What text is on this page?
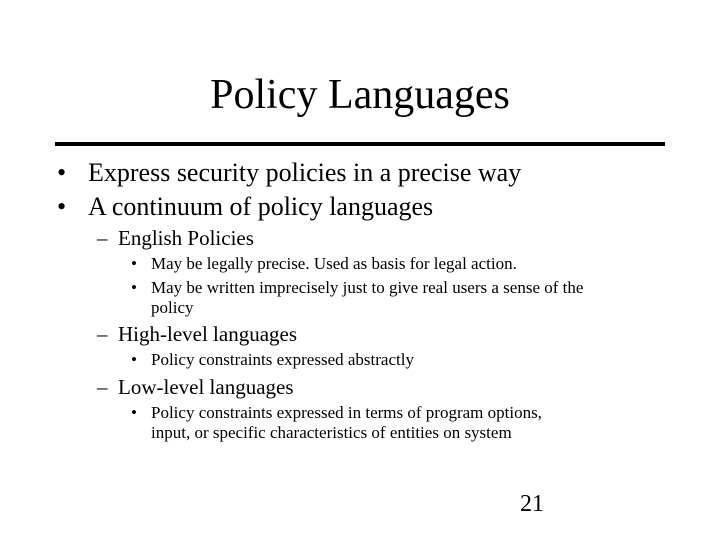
Policy Languages
• Express security policies in a precise way
• A continuum of policy languages
– English Policies
• May be legally precise. Used as basis for legal action.
• May be written imprecisely just to give real users a sense of the
policy
– High-level languages
• Policy constraints expressed abstractly
– Low-level languages
• Policy constraints expressed in terms of program options,
input, or specific characteristics of entities on system
21
